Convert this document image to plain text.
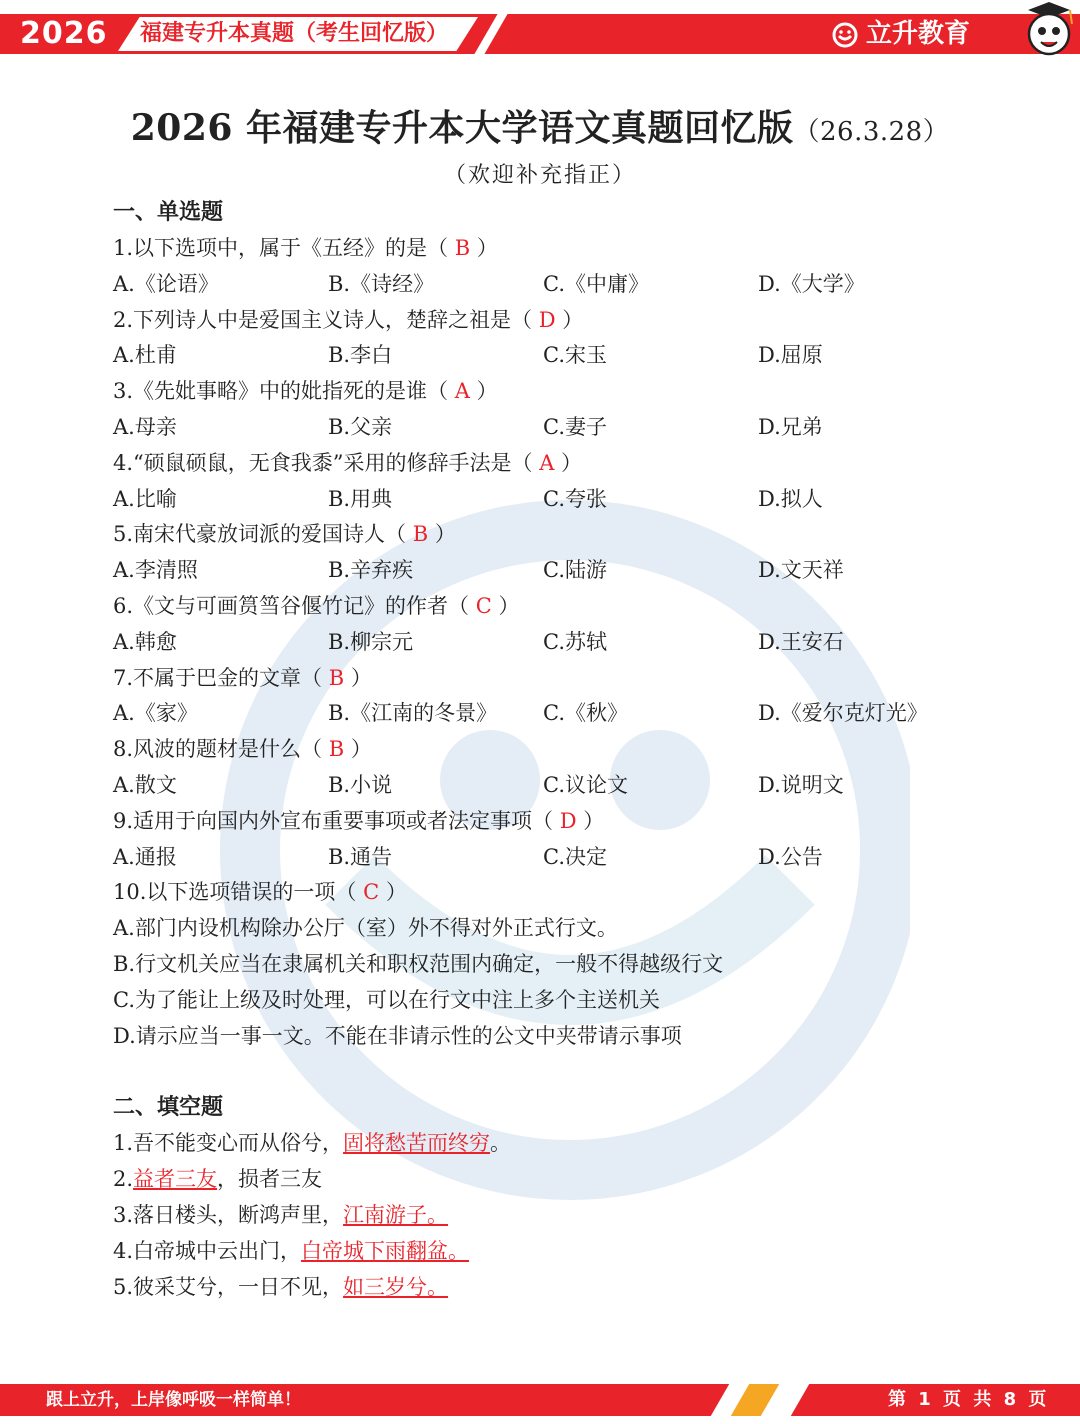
2026	福建专升本真题（考生回忆版）	立升教育
2026 年福建专升本大学语文真题回忆版（26.3.28）
（欢迎补充指正）
一、单选题
1.以下选项中，属于《五经》的是（ B ）
A.《论语》	B.《诗经》	C.《中庸》	D.《大学》
2.下列诗人中是爱国主义诗人，楚辞之祖是（ D ）
A.杜甫	B.李白	C.宋玉	D.屈原
3.《先妣事略》中的妣指死的是谁（ A ）
A.母亲	B.父亲	C.妻子	D.兄弟
4.“硕鼠硕鼠，无食我黍”采用的修辞手法是（ A ）
A.比喻	B.用典	C.夸张	D.拟人
5.南宋代豪放词派的爱国诗人（ B ）
A.李清照	B.辛弃疾	C.陆游	D.文天祥
6.《文与可画筼筜谷偃竹记》的作者（ C ）
A.韩愈	B.柳宗元	C.苏轼	D.王安石
7.不属于巴金的文章（ B ）
A.《家》	B.《江南的冬景》	C.《秋》	D.《爱尔克灯光》
8.风波的题材是什么（ B ）
A.散文	B.小说	C.议论文	D.说明文
9.适用于向国内外宣布重要事项或者法定事项（ D ）
A.通报	B.通告	C.决定	D.公告
10.以下选项错误的一项（ C ）
A.部门内设机构除办公厅（室）外不得对外正式行文。
B.行文机关应当在隶属机关和职权范围内确定，一般不得越级行文
C.为了能让上级及时处理，可以在行文中注上多个主送机关
D.请示应当一事一文。不能在非请示性的公文中夹带请示事项
二、填空题
1.吾不能变心而从俗兮，固将愁苦而终穷。
2.益者三友，损者三友
3.落日楼头，断鸿声里，江南游子。
4.白帝城中云出门，白帝城下雨翻盆。
5.彼采艾兮，一日不见，如三岁兮。
跟上立升，上岸像呼吸一样简单！	第 1 页 共 8 页
